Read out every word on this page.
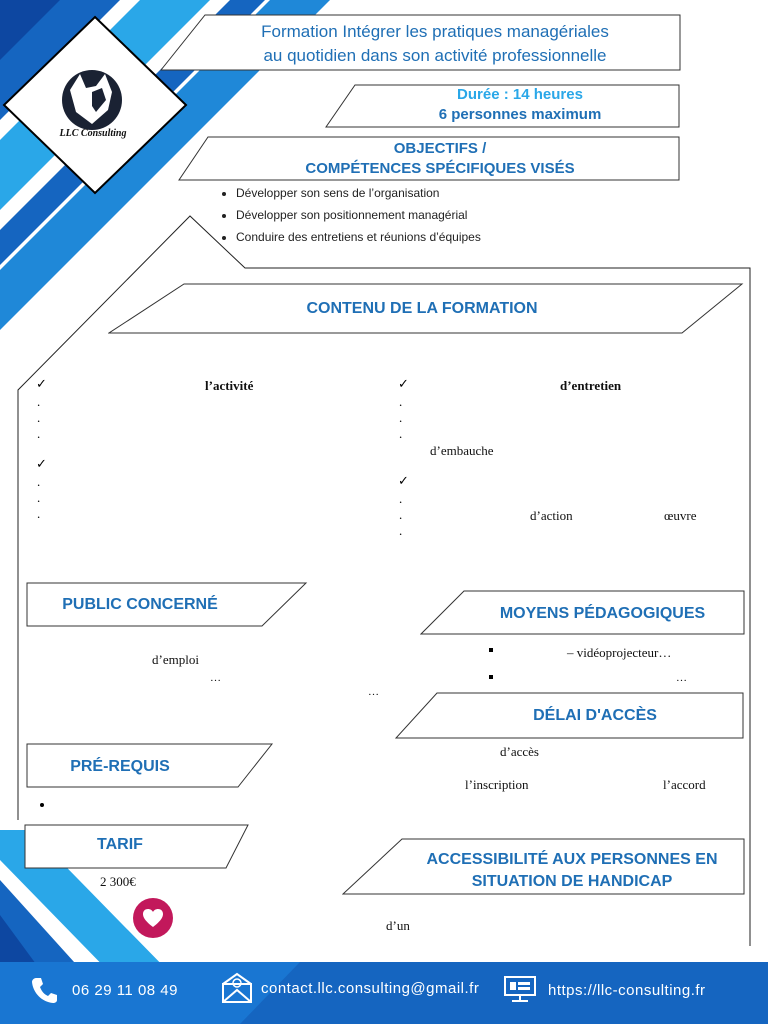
LLC Consulting
Formation Intégrer les pratiques managériales
au quotidien dans son activité professionnelle
Durée : 14 heures
6 personnes maximum
OBJECTIFS /
COMPÉTENCES SPÉCIFIQUES VISÉS
• Développer son sens de l’organisation
• Développer son positionnement managérial
• Conduire des entretiens et réunions d’équipes
CONTENU DE LA FORMATION
✓	l’activité
.
.
.
✓
.
.
.
✓	d’entretien
.
.
.
d’embauche
✓
.
.	d’action	œuvre
.
PUBLIC CONCERNÉ
d’emploi
…
…
MOYENS PÉDAGOGIQUES
– vidéoprojecteur…
…
DÉLAI D'ACCÈS
d’accès
l’inscription	l’accord
PRÉ-REQUIS
TARIF
2 300€
ACCESSIBILITÉ AUX PERSONNES EN
SITUATION DE HANDICAP
d’un
06 29 11 08 49	contact.llc.consulting@gmail.fr	https://llc-consulting.fr
